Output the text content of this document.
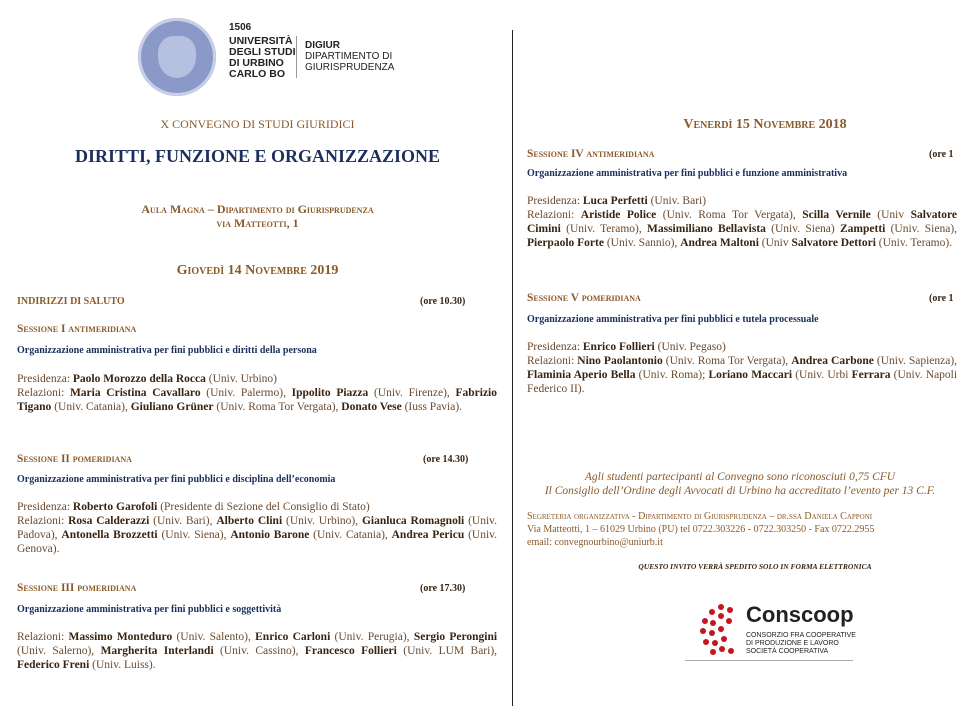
1506
UNIVERSITÀ DEGLI STUDI DI URBINO CARLO BO
DIGIUR
DIPARTIMENTO DI GIURISPRUDENZA
X CONVEGNO DI STUDI GIURIDICI
DIRITTI, FUNZIONE E ORGANIZZAZIONE
Aula Magna – Dipartimento di Giurisprudenza
via Matteotti, 1
Giovedì 14 Novembre 2019
INDIRIZZI DI SALUTO	(ore 10.30)
Sessione I antimeridiana
Organizzazione amministrativa per fini pubblici e diritti della persona
Presidenza: Paolo Morozzo della Rocca (Univ. Urbino)
Relazioni: Maria Cristina Cavallaro (Univ. Palermo), Ippolito Piazza (Univ. Firenze), Fabrizio Tigano (Univ. Catania), Giuliano Grüner (Univ. Roma Tor Vergata), Donato Vese (Iuss Pavia).
Sessione II pomeridiana	(ore 14.30)
Organizzazione amministrativa per fini pubblici e disciplina dell’economia
Presidenza: Roberto Garofoli (Presidente di Sezione del Consiglio di Stato)
Relazioni: Rosa Calderazzi (Univ. Bari), Alberto Clini (Univ. Urbino), Gianluca Romagnoli (Univ. Padova), Antonella Brozzetti (Univ. Siena), Antonio Barone (Univ. Catania), Andrea Pericu (Univ. Genova).
Sessione III pomeridiana	(ore 17.30)
Organizzazione amministrativa per fini pubblici e soggettività
Relazioni: Massimo Monteduro (Univ. Salento), Enrico Carloni (Univ. Perugia), Sergio Perongini (Univ. Salerno), Margherita Interlandi (Univ. Cassino), Francesco Follieri (Univ. LUM Bari), Federico Freni (Univ. Luiss).
Venerdì 15 Novembre 2018
Sessione IV antimeridiana	(ore 1
Organizzazione amministrativa per fini pubblici e funzione amministrativa
Presidenza: Luca Perfetti (Univ. Bari)
Relazioni: Aristide Police (Univ. Roma Tor Vergata), Scilla Vernile (Univ Salvatore Cimini (Univ. Teramo), Massimiliano Bellavista (Univ. Siena) Zampetti (Univ. Siena), Pierpaolo Forte (Univ. Sannio), Andrea Maltoni (Univ Salvatore Dettori (Univ. Teramo).
Sessione V pomeridiana	(ore 1
Organizzazione amministrativa per fini pubblici e tutela processuale
Presidenza: Enrico Follieri (Univ. Pegaso)
Relazioni: Nino Paolantonio (Univ. Roma Tor Vergata), Andrea Carbone (Univ. Sapienza), Flaminia Aperio Bella (Univ. Roma); Loriano Maccari (Univ. Urbi Ferrara (Univ. Napoli Federico II).
Agli studenti partecipanti al Convegno sono riconosciuti 0,75 CFU
Il Consiglio dell’Ordine degli Avvocati di Urbino ha accreditato l’evento per 13 C.F.
Segreteria organizzativa - Dipartimento di Giurisprudenza – dr.ssa Daniela Capponi
Via Matteotti, 1 – 61029 Urbino (PU) tel 0722.303226 - 0722.303250 - Fax 0722.2955
email: convegnourbino@uniurb.it
QUESTO INVITO VERRÀ SPEDITO SOLO IN FORMA ELETTRONICA
Conscoop
CONSORZIO FRA COOPERATIVE DI PRODUZIONE E LAVORO SOCIETÀ COOPERATIVA
